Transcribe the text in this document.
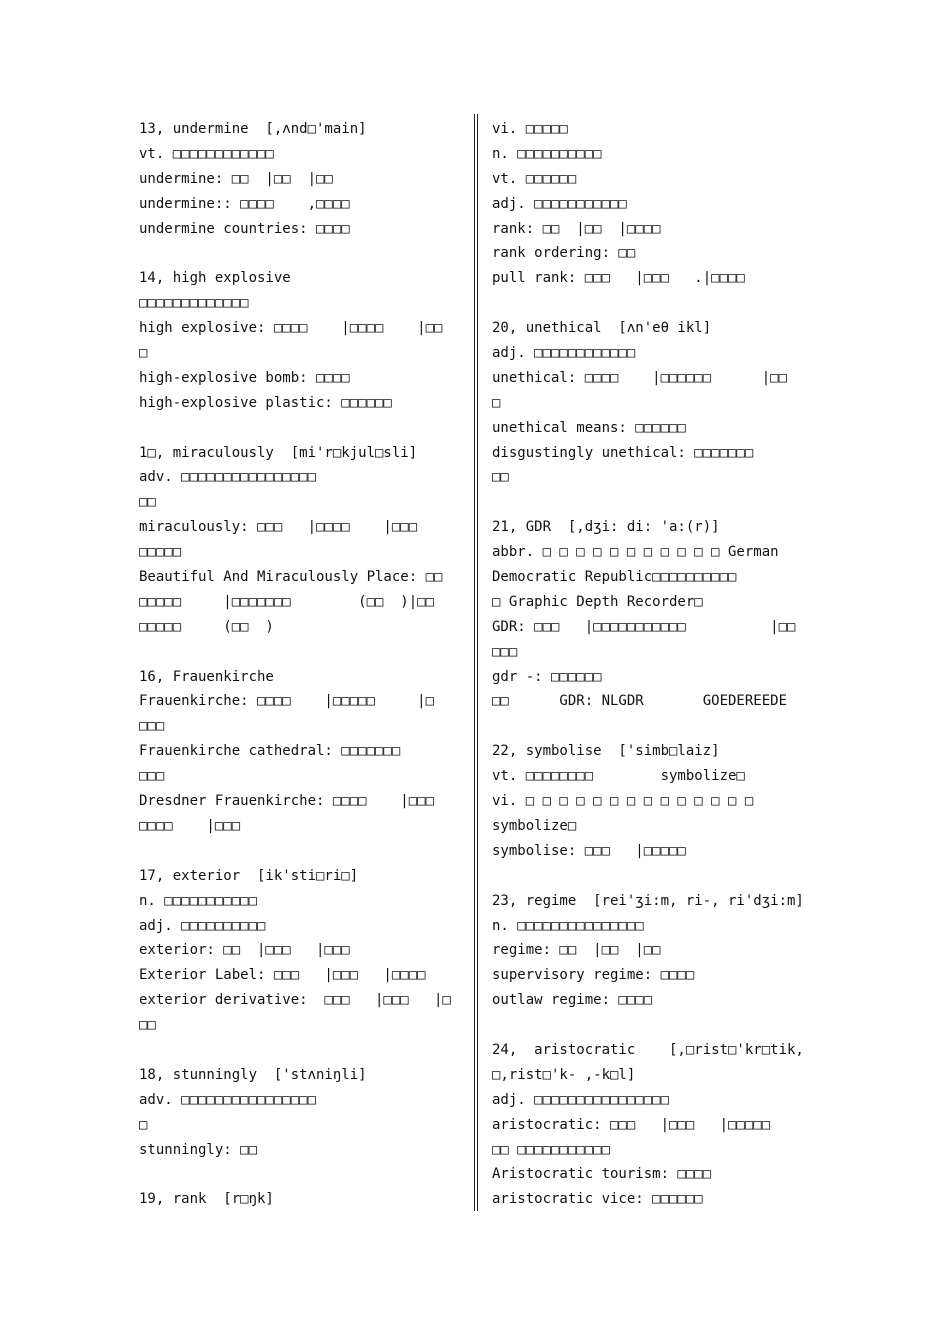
13, undermine  [,ʌnd□'main]
vt. □□□□□□□□□□□□
undermine: □□  |□□  |□□
undermine:: □□□□    ,□□□□
undermine countries: □□□□
14, high explosive
□□□□□□□□□□□□□
high explosive: □□□□    |□□□□    |□□
□
high-explosive bomb: □□□□
high-explosive plastic: □□□□□□
1□, miraculously  [mi'r□kjul□sli]
adv. □□□□□□□□□□□□□□□□
□□
miraculously: □□□   |□□□□    |□□□
□□□□□
Beautiful And Miraculously Place: □□
□□□□□     |□□□□□□□        (□□  )|□□
□□□□□     (□□  )
16, Frauenkirche
Frauenkirche: □□□□    |□□□□□     |□
□□□
Frauenkirche cathedral: □□□□□□□
□□□
Dresdner Frauenkirche: □□□□    |□□□
□□□□    |□□□
17, exterior  [ik'sti□ri□]
n. □□□□□□□□□□□
adj. □□□□□□□□□□
exterior: □□  |□□□   |□□□
Exterior Label: □□□   |□□□   |□□□□
exterior derivative:  □□□   |□□□   |□
□□
18, stunningly  ['stʌniŋli]
adv. □□□□□□□□□□□□□□□□
□
stunningly: □□
19, rank  [r□ŋk]
vi. □□□□□
n. □□□□□□□□□□
vt. □□□□□□
adj. □□□□□□□□□□□
rank: □□  |□□  |□□□□
rank ordering: □□
pull rank: □□□   |□□□   .|□□□□
20, unethical  [ʌn'eθ ikl]
adj. □□□□□□□□□□□□
unethical: □□□□    |□□□□□□      |□□
□
unethical means: □□□□□□
disgustingly unethical: □□□□□□□
□□
21, GDR  [,dʒi: di: 'a:(r)]
abbr. □ □ □ □ □ □ □ □ □ □ □ German
Democratic Republic□□□□□□□□□□
□ Graphic Depth Recorder□
GDR: □□□   |□□□□□□□□□□□          |□□
□□□
gdr -: □□□□□□
□□      GDR: NLGDR       GOEDEREEDE
22, symbolise  ['simb□laiz]
vt. □□□□□□□□        symbolize□
vi. □ □ □ □ □ □ □ □ □ □ □ □ □ □
symbolize□
symbolise: □□□   |□□□□□
23, regime  [rei'ʒi:m, ri-, ri'dʒi:m]
n. □□□□□□□□□□□□□□□
regime: □□  |□□  |□□
supervisory regime: □□□□
outlaw regime: □□□□
24,  aristocratic    [,□rist□'kr□tik,
□,rist□'k- ,-k□l]
adj. □□□□□□□□□□□□□□□□
aristocratic: □□□   |□□□   |□□□□□
□□ □□□□□□□□□□□
Aristocratic tourism: □□□□
aristocratic vice: □□□□□□
